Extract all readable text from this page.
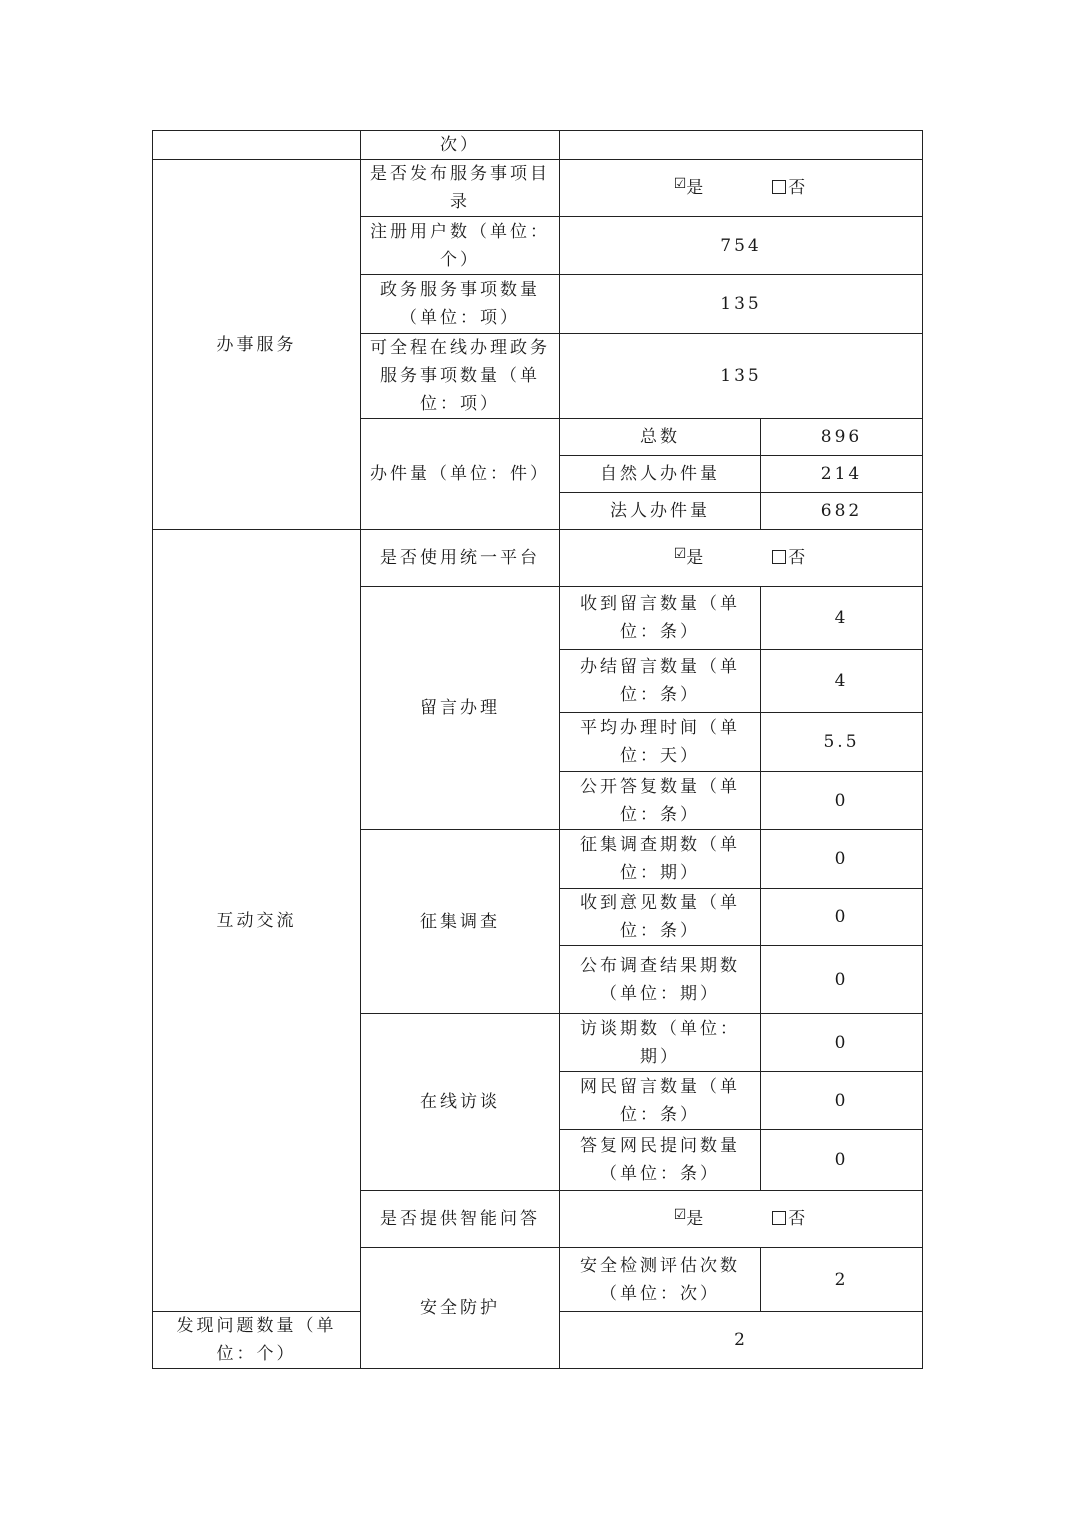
	次）		
办事服务	是否发布服务事项目录	☑是 否	
	注册用户数（单位：个）	754	
	政务服务事项数量（单位：项）	135	
	可全程在线办理政务服务事项数量（单位：项）	135	
	办件量（单位：件）	总数	896
		自然人办件量	214
		法人办件量	682
互动交流	是否使用统一平台	☑是 否	
	留言办理	收到留言数量（单位：条）	4
		办结留言数量（单位：条）	4
		平均办理时间（单位：天）	5.5
		公开答复数量（单位：条）	0
	征集调查	征集调查期数（单位：期）	0
		收到意见数量（单位：条）	0
		公布调查结果期数（单位：期）	0
	在线访谈	访谈期数（单位：期）	0
		网民留言数量（单位：条）	0
		答复网民提问数量（单位：条）	0
	是否提供智能问答	☑是 否	
	安全防护	安全检测评估次数（单位：次）	2
发现问题数量（单位：个）		2	
